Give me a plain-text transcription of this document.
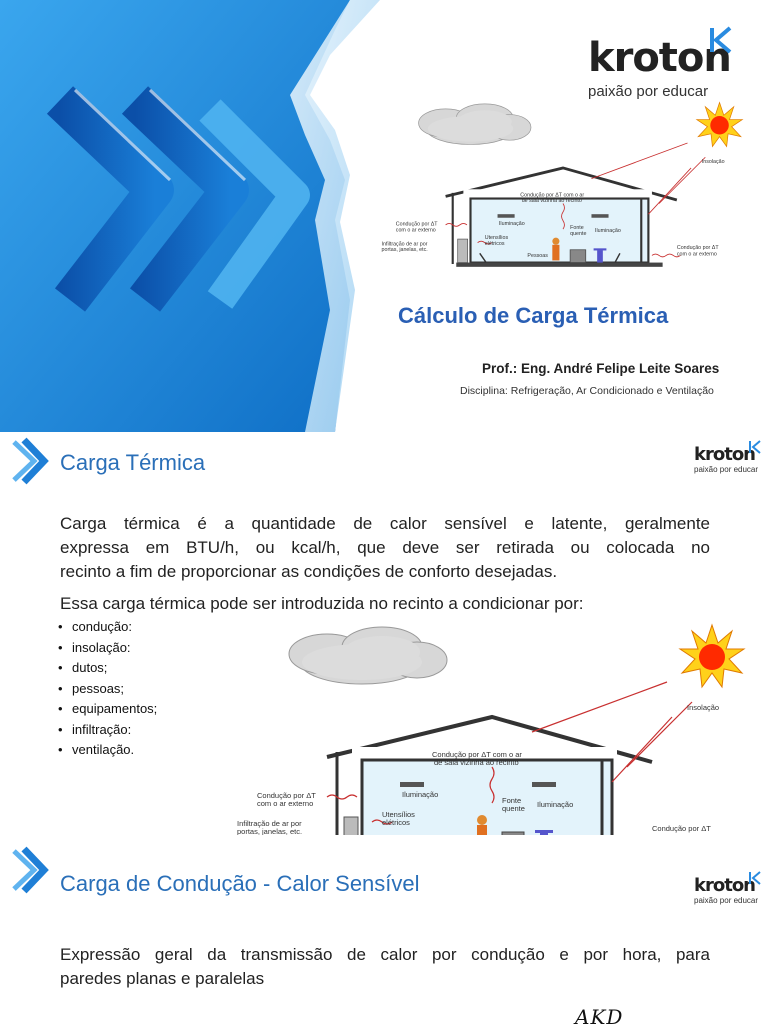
kroton
paixão por educar
Cálculo de Carga Térmica
Prof.: Eng. André Felipe Leite Soares
Disciplina: Refrigeração, Ar Condicionado e Ventilação
Carga Térmica	kroton
paixão por educar
Carga térmica é a quantidade de calor sensível e latente, geralmente
expressa em BTU/h, ou kcal/h, que deve ser retirada ou colocada no
recinto a fim de proporcionar as condições de conforto desejadas.
Essa carga térmica pode ser introduzida no recinto a condicionar por:
• condução:
• insolação:
• dutos;
• pessoas;
• equipamentos;
• infiltração:
• ventilação.
Carga de Condução - Calor Sensível	kroton
paixão por educar
Expressão geral da transmissão de calor por condução e por hora, para
paredes planas e paralelas
AKD
